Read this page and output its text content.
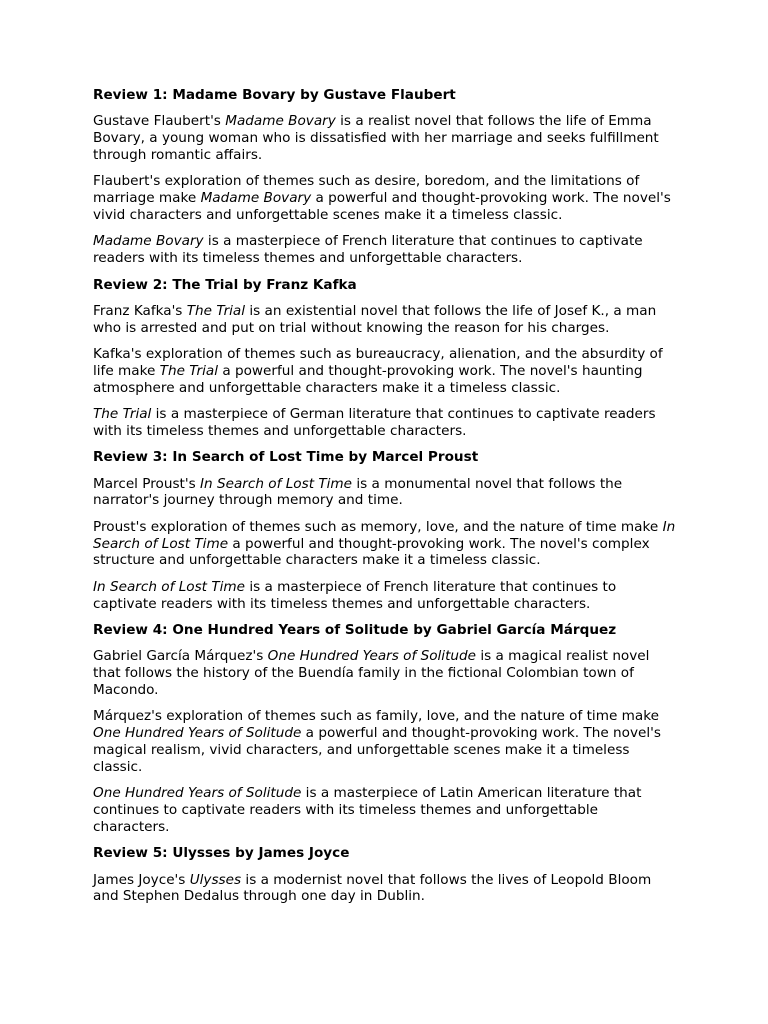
Review 1: Madame Bovary by Gustave Flaubert

Gustave Flaubert's Madame Bovary is a realist novel that follows the life of Emma Bovary, a young woman who is dissatisfied with her marriage and seeks fulfillment through romantic affairs.

Flaubert's exploration of themes such as desire, boredom, and the limitations of marriage make Madame Bovary a powerful and thought-provoking work. The novel's vivid characters and unforgettable scenes make it a timeless classic.

Madame Bovary is a masterpiece of French literature that continues to captivate readers with its timeless themes and unforgettable characters.

Review 2: The Trial by Franz Kafka

Franz Kafka's The Trial is an existential novel that follows the life of Josef K., a man who is arrested and put on trial without knowing the reason for his charges.

Kafka's exploration of themes such as bureaucracy, alienation, and the absurdity of life make The Trial a powerful and thought-provoking work. The novel's haunting atmosphere and unforgettable characters make it a timeless classic.

The Trial is a masterpiece of German literature that continues to captivate readers with its timeless themes and unforgettable characters.

Review 3: In Search of Lost Time by Marcel Proust

Marcel Proust's In Search of Lost Time is a monumental novel that follows the narrator's journey through memory and time.

Proust's exploration of themes such as memory, love, and the nature of time make In Search of Lost Time a powerful and thought-provoking work. The novel's complex structure and unforgettable characters make it a timeless classic.

In Search of Lost Time is a masterpiece of French literature that continues to captivate readers with its timeless themes and unforgettable characters.

Review 4: One Hundred Years of Solitude by Gabriel García Márquez

Gabriel García Márquez's One Hundred Years of Solitude is a magical realist novel that follows the history of the Buendía family in the fictional Colombian town of Macondo.

Márquez's exploration of themes such as family, love, and the nature of time make One Hundred Years of Solitude a powerful and thought-provoking work. The novel's magical realism, vivid characters, and unforgettable scenes make it a timeless classic.

One Hundred Years of Solitude is a masterpiece of Latin American literature that continues to captivate readers with its timeless themes and unforgettable characters.

Review 5: Ulysses by James Joyce

James Joyce's Ulysses is a modernist novel that follows the lives of Leopold Bloom and Stephen Dedalus through one day in Dublin.
